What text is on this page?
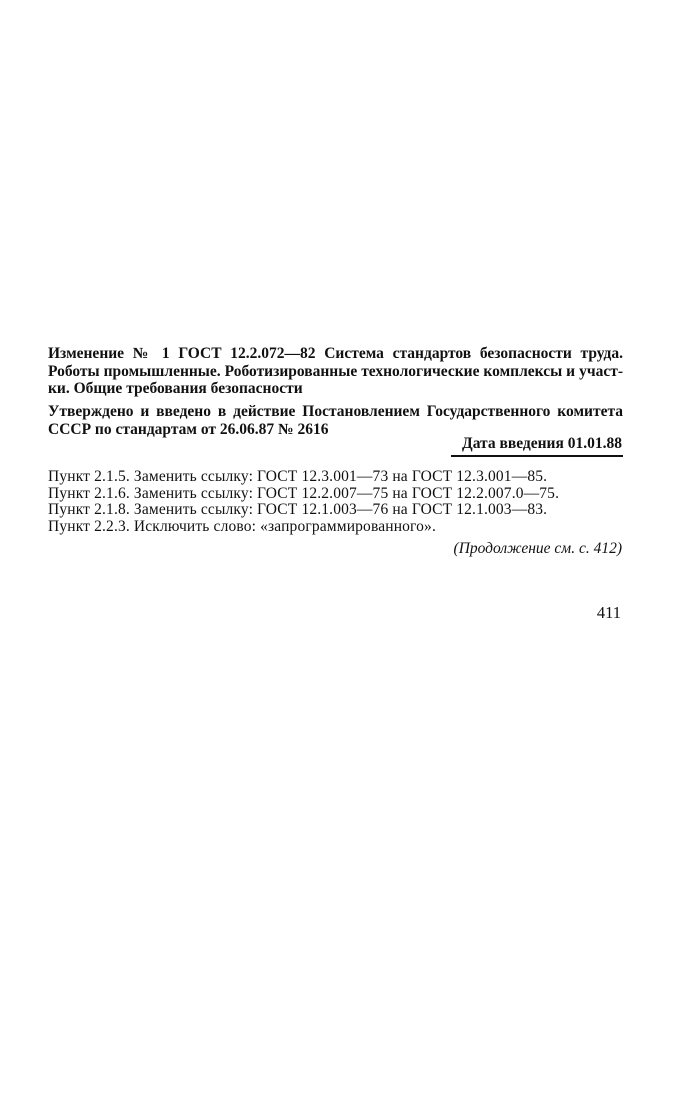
Изменение № 1 ГОСТ 12.2.072—82 Система стандартов безопасности труда.
Роботы промышленные. Роботизированные технологические комплексы и участ-
ки. Общие требования безопасности
Утверждено и введено в действие Постановлением Государственного комитета
СССР по стандартам от 26.06.87 № 2616
Дата введения 01.01.88
Пункт 2.1.5. Заменить ссылку: ГОСТ 12.3.001—73 на ГОСТ 12.3.001—85.
Пункт 2.1.6. Заменить ссылку: ГОСТ 12.2.007—75 на ГОСТ 12.2.007.0—75.
Пункт 2.1.8. Заменить ссылку: ГОСТ 12.1.003—76 на ГОСТ 12.1.003—83.
Пункт 2.2.3. Исключить слово: «запрограммированного».
(Продолжение см. с. 412)
411
